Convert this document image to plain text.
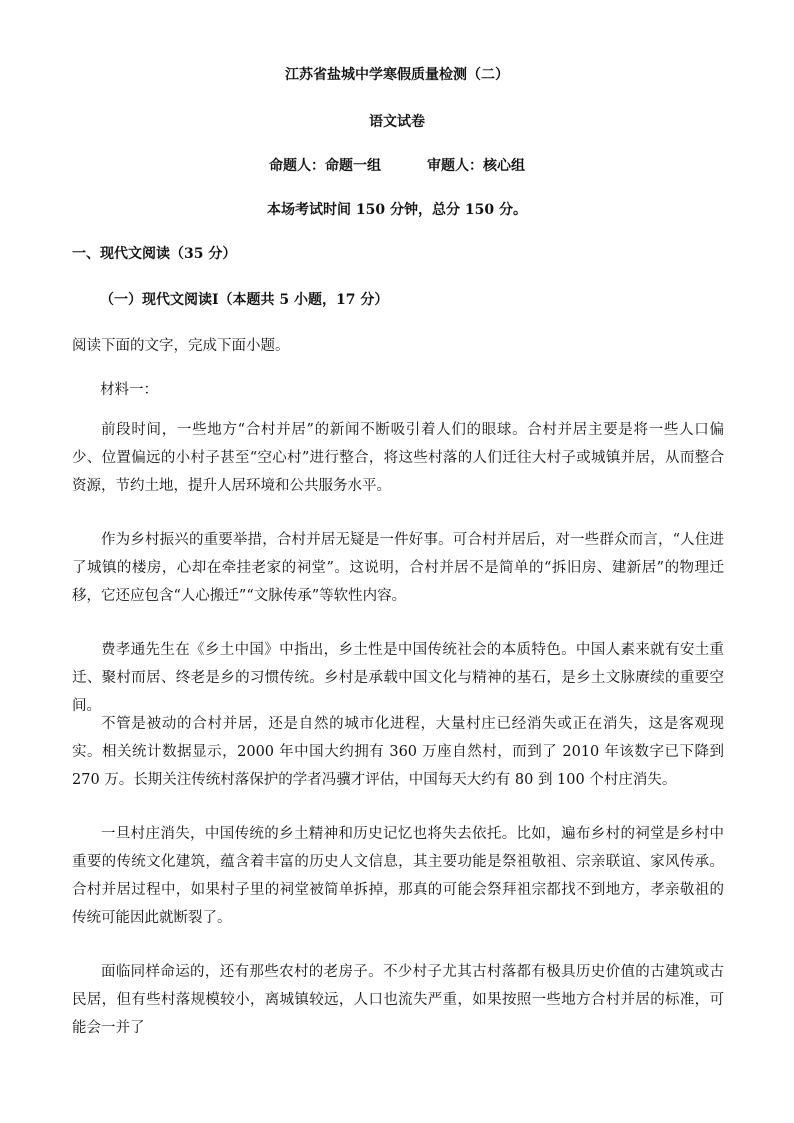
江苏省盐城中学寒假质量检测（二）
语文试卷
命题人：命题一组	审题人：核心组
本场考试时间 150 分钟，总分 150 分。
一、现代文阅读（35 分）
（一）现代文阅读Ⅰ（本题共 5 小题，17 分）
阅读下面的文字，完成下面小题。
材料一：

前段时间，一些地方“合村并居”的新闻不断吸引着人们的眼球。合村并居主要是将一些人口偏少、位置偏远的小村子甚至“空心村”进行整合，将这些村落的人们迁往大村子或城镇并居，从而整合资源，节约土地，提升人居环境和公共服务水平。

作为乡村振兴的重要举措，合村并居无疑是一件好事。可合村并居后，对一些群众而言，“人住进了城镇的楼房，心却在牵挂老家的祠堂”。这说明，合村并居不是简单的“拆旧房、建新居”的物理迁移，它还应包含“人心搬迁”“文脉传承”等软性内容。

费孝通先生在《乡土中国》中指出，乡土性是中国传统社会的本质特色。中国人素来就有安土重迁、聚村而居、终老是乡的习惯传统。乡村是承载中国文化与精神的基石，是乡土文脉赓续的重要空间。

不管是被动的合村并居，还是自然的城市化进程，大量村庄已经消失或正在消失，这是客观现实。相关统计数据显示，2000 年中国大约拥有 360 万座自然村，而到了 2010 年该数字已下降到 270 万。长期关注传统村落保护的学者冯骥才评估，中国每天大约有 80 到 100 个村庄消失。

一旦村庄消失，中国传统的乡土精神和历史记忆也将失去依托。比如，遍布乡村的祠堂是乡村中重要的传统文化建筑，蕴含着丰富的历史人文信息，其主要功能是祭祖敬祖、宗亲联谊、家风传承。合村并居过程中，如果村子里的祠堂被简单拆掉，那真的可能会祭拜祖宗都找不到地方，孝亲敬祖的传统可能因此就断裂了。

面临同样命运的，还有那些农村的老房子。不少村子尤其古村落都有极具历史价值的古建筑或古民居，但有些村落规模较小，离城镇较远，人口也流失严重，如果按照一些地方合村并居的标准，可能会一并了
